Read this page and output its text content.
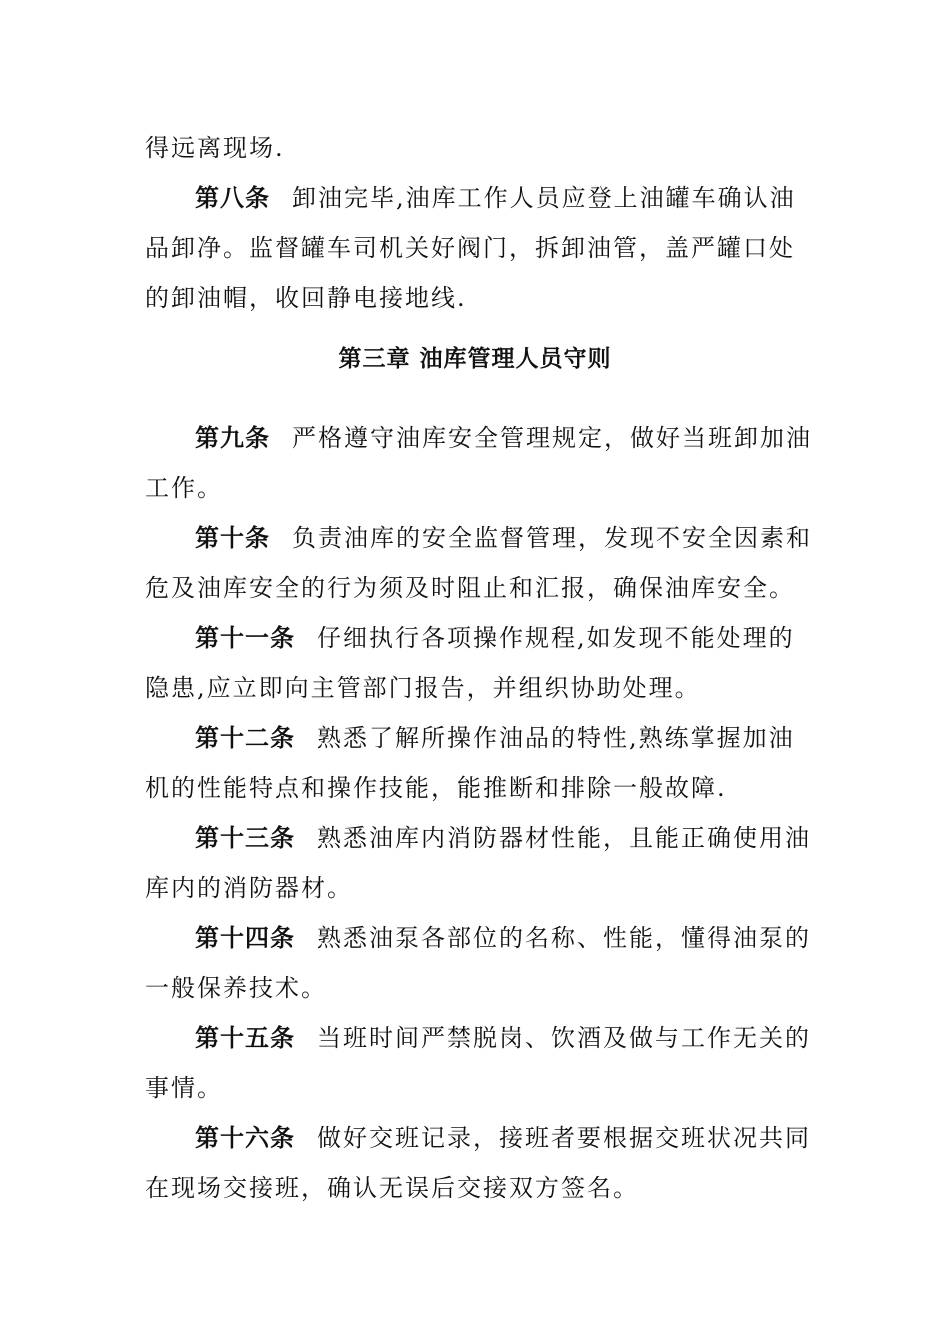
得远离现场.
第八条 卸油完毕,油库工作人员应登上油罐车确认油
品卸净。监督罐车司机关好阀门，拆卸油管，盖严罐口处
的卸油帽，收回静电接地线.
第三章 油库管理人员守则
第九条 严格遵守油库安全管理规定，做好当班卸加油
工作。
第十条 负责油库的安全监督管理，发现不安全因素和
危及油库安全的行为须及时阻止和汇报，确保油库安全。
第十一条 仔细执行各项操作规程,如发现不能处理的
隐患,应立即向主管部门报告，并组织协助处理。
第十二条 熟悉了解所操作油品的特性,熟练掌握加油
机的性能特点和操作技能，能推断和排除一般故障.
第十三条 熟悉油库内消防器材性能，且能正确使用油
库内的消防器材。
第十四条 熟悉油泵各部位的名称、性能，懂得油泵的
一般保养技术。
第十五条 当班时间严禁脱岗、饮酒及做与工作无关的
事情。
第十六条 做好交班记录，接班者要根据交班状况共同
在现场交接班，确认无误后交接双方签名。
